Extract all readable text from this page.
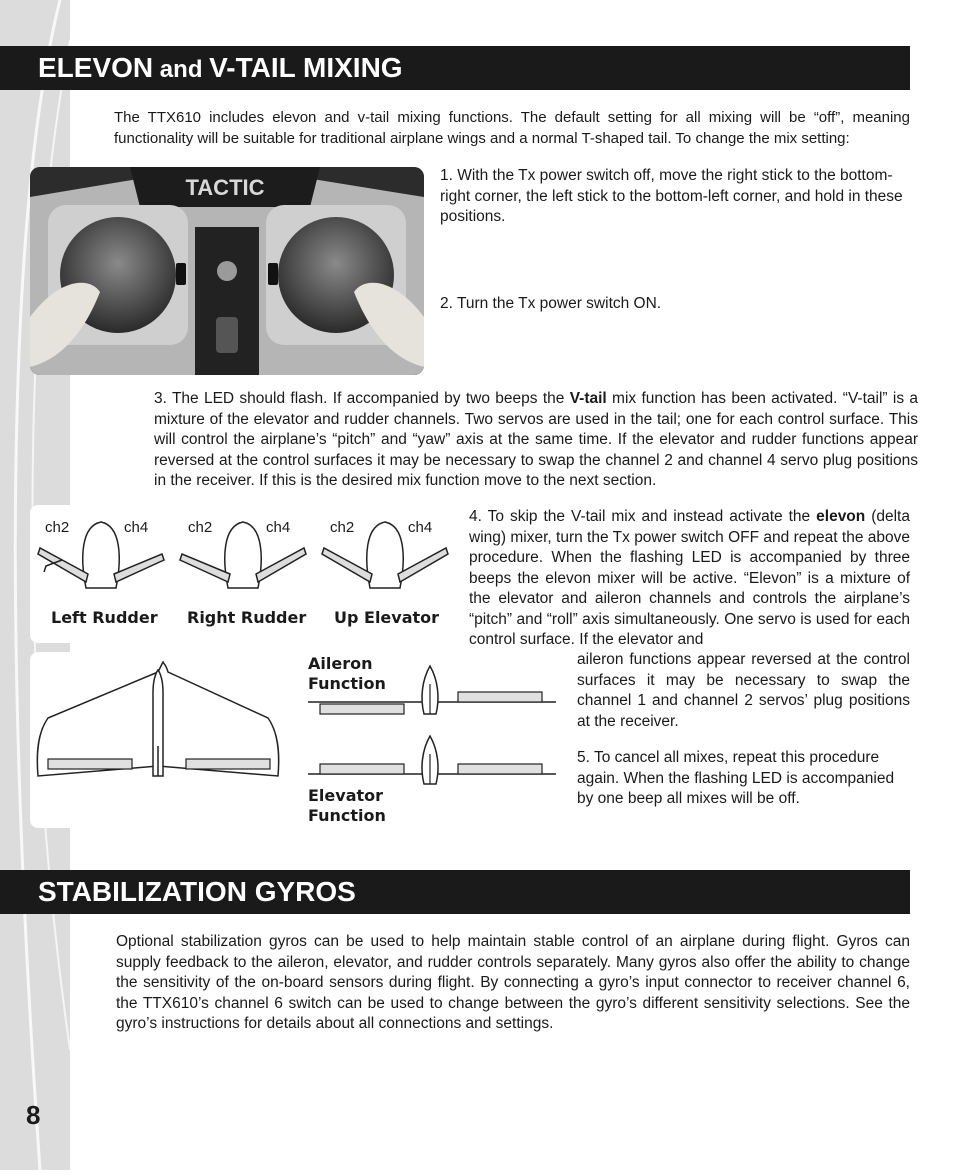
ELEVON and V-TAIL MIXING

The TTX610 includes elevon and v-tail mixing functions. The default setting for all mixing will be “off”, meaning functionality will be suitable for traditional airplane wings and a normal T-shaped tail. To change the mix setting:

TACTIC	1. With the Tx power switch off, move the right stick to the bottom-right corner, the left stick to the bottom-left corner, and hold in these positions.

2. Turn the Tx power switch ON.

3. The LED should flash. If accompanied by two beeps the V-tail mix function has been activated. “V-tail” is a mixture of the elevator and rudder channels. Two servos are used in the tail; one for each control surface. This will control the airplane’s “pitch” and “yaw” axis at the same time. If the elevator and rudder functions appear reversed at the control surfaces it may be necessary to swap the channel 2 and channel 4 servo plug positions in the receiver. If this is the desired mix function move to the next section.

ch2	ch4
Left Rudder
ch2	ch4
Right Rudder
ch2	ch4
Up Elevator

4. To skip the V-tail mix and instead activate the elevon (delta wing) mixer, turn the Tx power switch OFF and repeat the above procedure. When the flashing LED is accompanied by three beeps the elevon mixer will be active. “Elevon” is a mixture of the elevator and aileron channels and controls the airplane’s “pitch” and “roll” axis simultaneously. One servo is used for each control surface. If the elevator and

Aileron Function
Elevator Function

aileron functions appear reversed at the control surfaces it may be necessary to swap the channel 1 and channel 2 servos’ plug positions at the receiver.

5. To cancel all mixes, repeat this procedure again. When the flashing LED is accompanied by one beep all mixes will be off.

STABILIZATION GYROS

Optional stabilization gyros can be used to help maintain stable control of an airplane during flight. Gyros can supply feedback to the aileron, elevator, and rudder controls separately. Many gyros also offer the ability to change the sensitivity of the on-board sensors during flight. By connecting a gyro’s input connector to receiver channel 6, the TTX610’s channel 6 switch can be used to change between the gyro’s different sensitivity selections. See the gyro’s instructions for details about all connections and settings.

8
